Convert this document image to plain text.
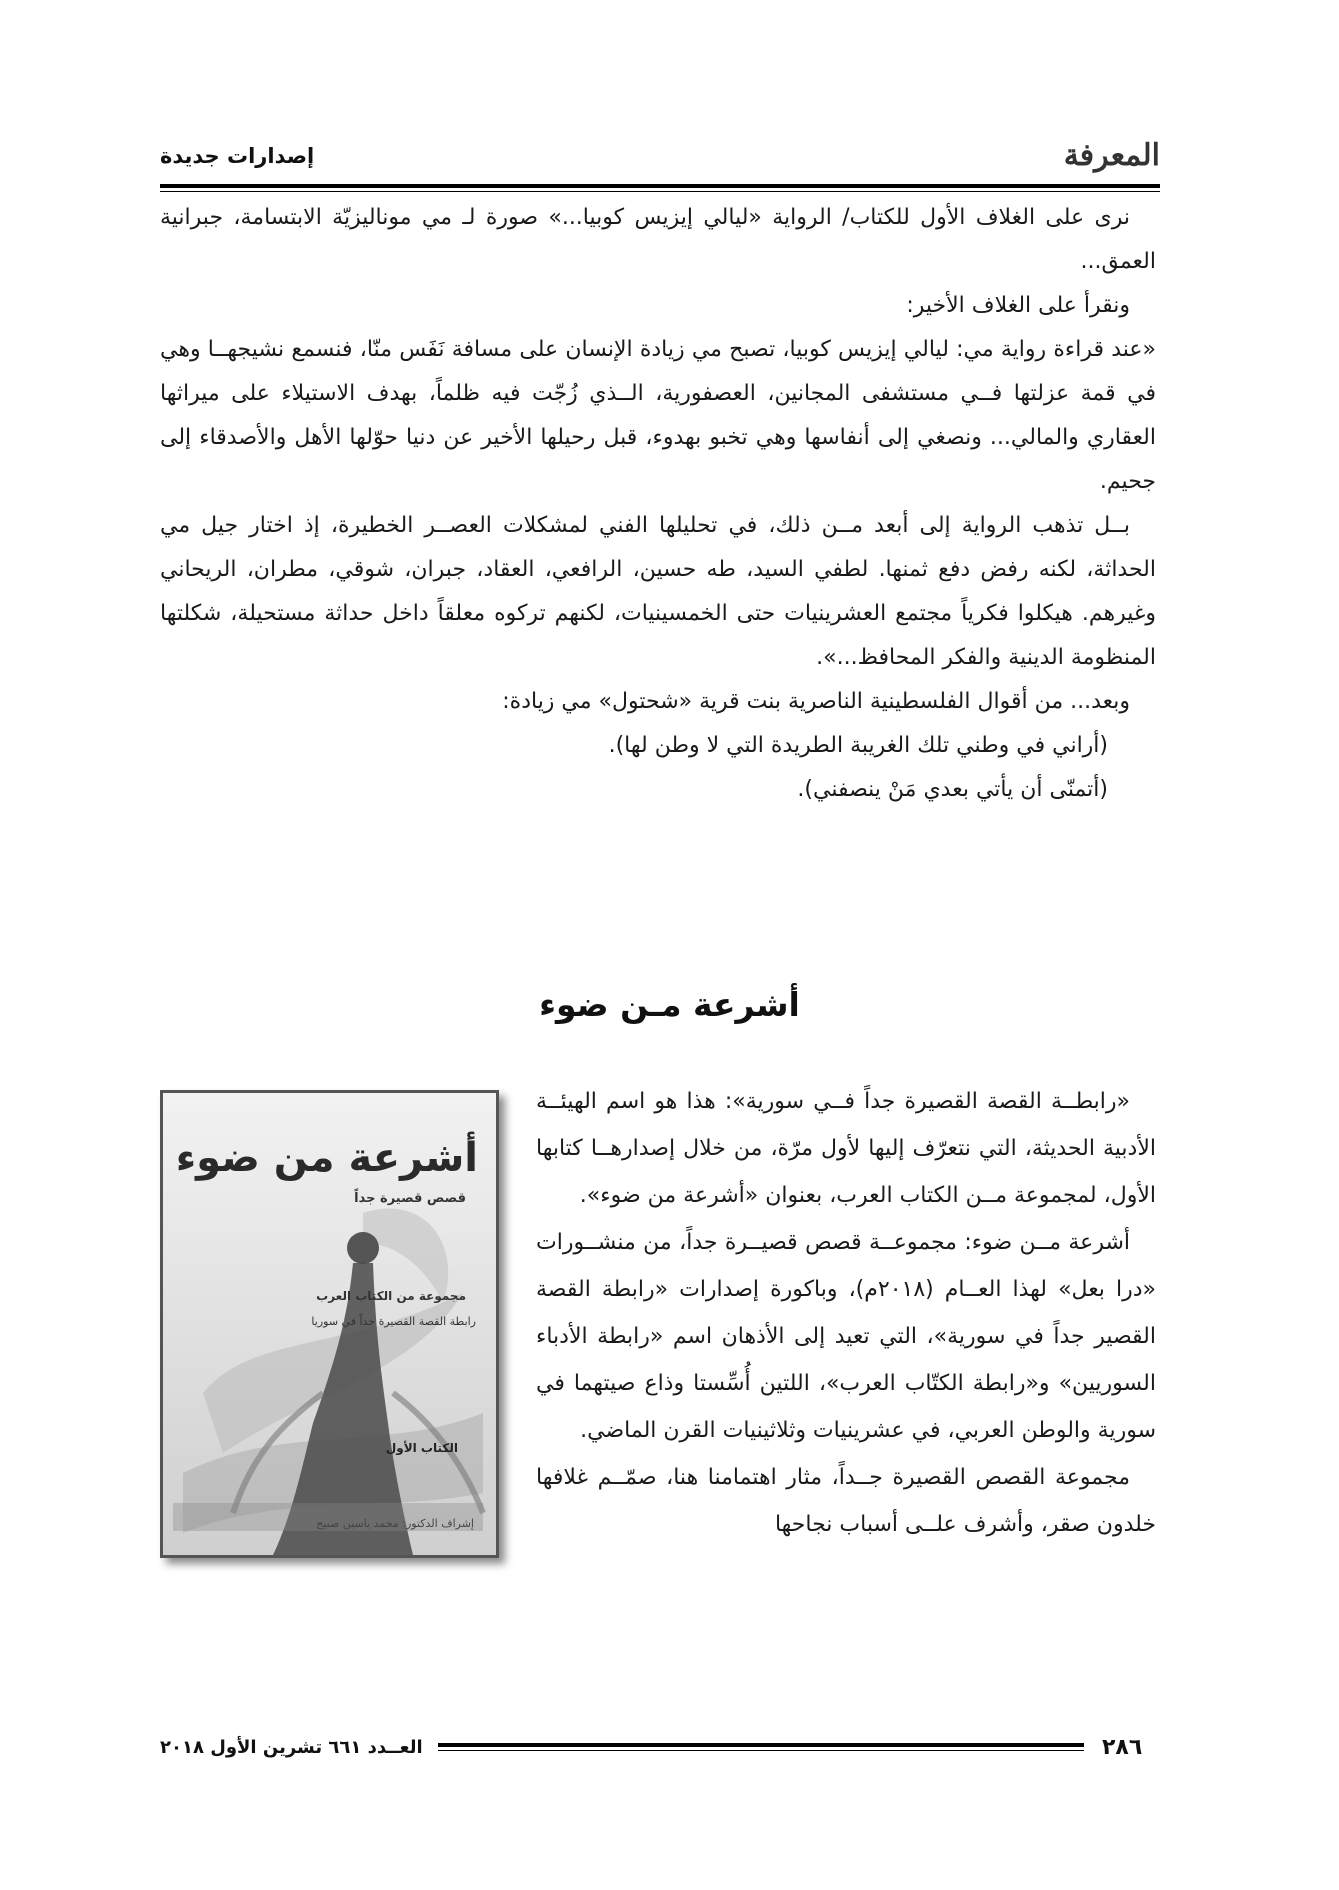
المعرفة
إصدارات جديدة

نرى على الغلاف الأول للكتاب/ الرواية «ليالي إيزيس كوبيا...» صورة لـ مي موناليزيّة الابتسامة، جبرانية العمق...

ونقرأ على الغلاف الأخير:

«عند قراءة رواية مي: ليالي إيزيس كوبيا، تصبح مي زيادة الإنسان على مسافة نَفَس منّا، فنسمع نشيجهــا وهي في قمة عزلتها فــي مستشفى المجانين، العصفورية، الــذي زُجّت فيه ظلماً، بهدف الاستيلاء على ميراثها العقاري والمالي... ونصغي إلى أنفاسها وهي تخبو بهدوء، قبل رحيلها الأخير عن دنيا حوّلها الأهل والأصدقاء إلى جحيم.

بــل تذهب الرواية إلى أبعد مــن ذلك، في تحليلها الفني لمشكلات العصــر الخطيرة، إذ اختار جيل مي الحداثة، لكنه رفض دفع ثمنها. لطفي السيد، طه حسين، الرافعي، العقاد، جبران، شوقي، مطران، الريحاني وغيرهم. هيكلوا فكرياً مجتمع العشرينيات حتى الخمسينيات، لكنهم تركوه معلقاً داخل حداثة مستحيلة، شكلتها المنظومة الدينية والفكر المحافظ...».

وبعد... من أقوال الفلسطينية الناصرية بنت قرية «شحتول» مي زيادة:

(أراني في وطني تلك الغريبة الطريدة التي لا وطن لها).

(أتمنّى أن يأتي بعدي مَنْ ينصفني).

أشرعة مـن ضوء

«رابطــة القصة القصيرة جداً فــي سورية»: هذا هو اسم الهيئــة الأدبية الحديثة، التي نتعرّف إليها لأول مرّة، من خلال إصدارهــا كتابها الأول، لمجموعة مــن الكتاب العرب، بعنوان «أشرعة من ضوء».

أشرعة مــن ضوء: مجموعــة قصص قصيــرة جداً، من منشــورات «درا بعل» لهذا العــام (٢٠١٨م)، وباكورة إصدارات «رابطة القصة القصير جداً في سورية»، التي تعيد إلى الأذهان اسم «رابطة الأدباء السوريين» و«رابطة الكتّاب العرب»، اللتين أُسِّستا وذاع صيتهما في سورية والوطن العربي، في عشرينيات وثلاثينيات القرن الماضي.

مجموعة القصص القصيرة جــداً، مثار اهتمامنا هنا، صمّــم غلافها خلدون صقر، وأشرف علــى أسباب نجاحها

أشرعة من ضوء
قصص قصيرة جداً
مجموعة من الكتاب العرب
رابطة القصة القصيرة جداً في سوريا
الكتاب الأول
إشراف الدكتور: محمد ياسين صبيح
٢٨٦
العــدد ٦٦١ تشرين الأول ٢٠١٨
